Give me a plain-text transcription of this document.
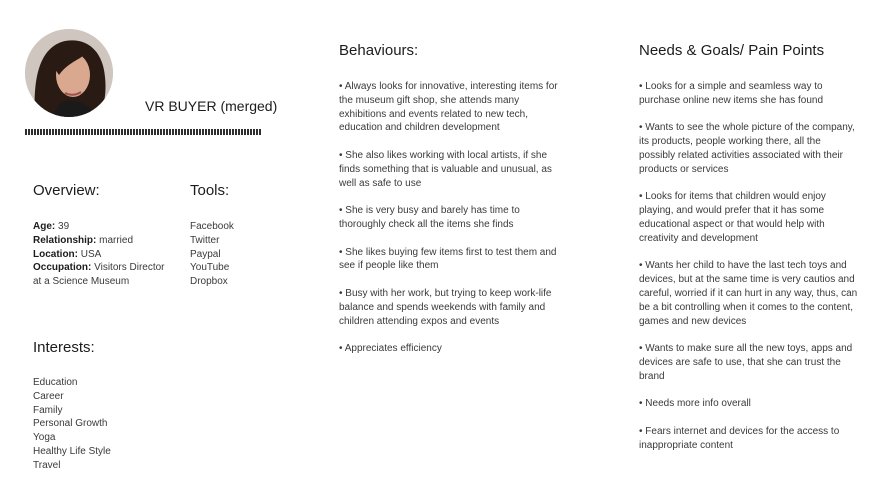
VR BUYER (merged)
Overview:
Age: 39
Relationship: married
Location: USA
Occupation: Visitors Director
at a Science Museum
Tools:
Facebook
Twitter
Paypal
YouTube
Dropbox
Interests:
Education
Career
Family
Personal Growth
Yoga
Healthy Life Style
Travel
Behaviours:
• Always looks for innovative, interesting items for the museum gift shop, she attends many exhibitions and events related to new tech, education and children development
• She also likes working with local artists, if she finds something that is valuable and unusual, as well as safe to use
• She is very busy and barely has time to thoroughly check all the items she finds
• She likes buying few items first to test them and see if people like them
• Busy with her work, but trying to keep work-life balance and spends weekends with family and children attending expos and events
• Appreciates efficiency
Needs & Goals/ Pain Points
• Looks for a simple and seamless way to purchase online new items she has found
• Wants to see the whole picture of the company, its products, people working there, all the possibly related activities associated with their products or services
• Looks for items that children would enjoy playing, and would prefer that it has some educational aspect or that would help with creativity and development
• Wants her child to have the last tech toys and devices, but at the same time is very cautios and careful, worried if it can hurt in any way, thus, can be a bit controlling when it comes to the content, games and new devices
• Wants to make sure all the new toys, apps and devices are safe to use, that she can trust the brand
• Needs more info overall
• Fears internet and devices for the access to inappropriate content
